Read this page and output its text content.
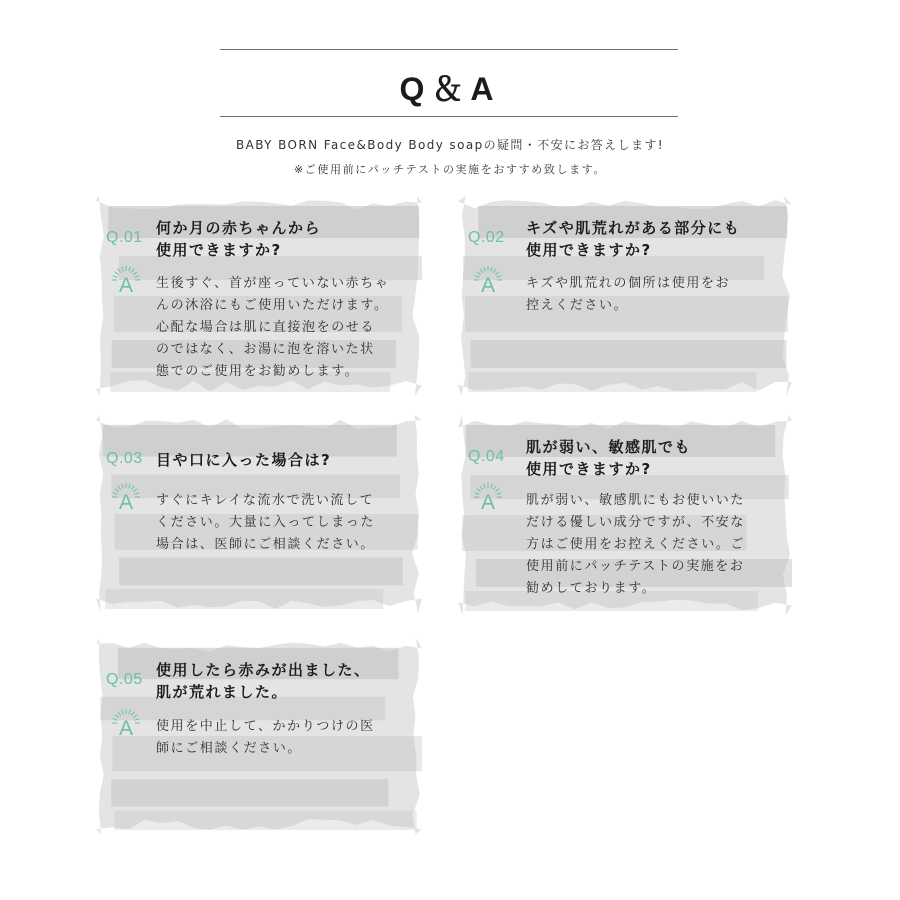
Q＆A
BABY BORN Face&Body Body soapの疑問・不安にお答えします!
※ご使用前にパッチテストの実施をおすすめ致します。
Q.01
何か月の赤ちゃんから
使用できますか?
A	生後すぐ、首が座っていない赤ちゃ
んの沐浴にもご使用いただけます。
心配な場合は肌に直接泡をのせる
のではなく、お湯に泡を溶いた状
態でのご使用をお勧めします。
Q.02
キズや肌荒れがある部分にも
使用できますか?
A	キズや肌荒れの個所は使用をお
控えください。
Q.03 目や口に入った場合は?
A	すぐにキレイな流水で洗い流して
ください。大量に入ってしまった
場合は、医師にご相談ください。
Q.04
肌が弱い、敏感肌でも
使用できますか?
A	肌が弱い、敏感肌にもお使いいた
だける優しい成分ですが、不安な
方はご使用をお控えください。ご
使用前にパッチテストの実施をお
勧めしております。
Q.05
使用したら赤みが出ました、
肌が荒れました。
A	使用を中止して、かかりつけの医
師にご相談ください。
